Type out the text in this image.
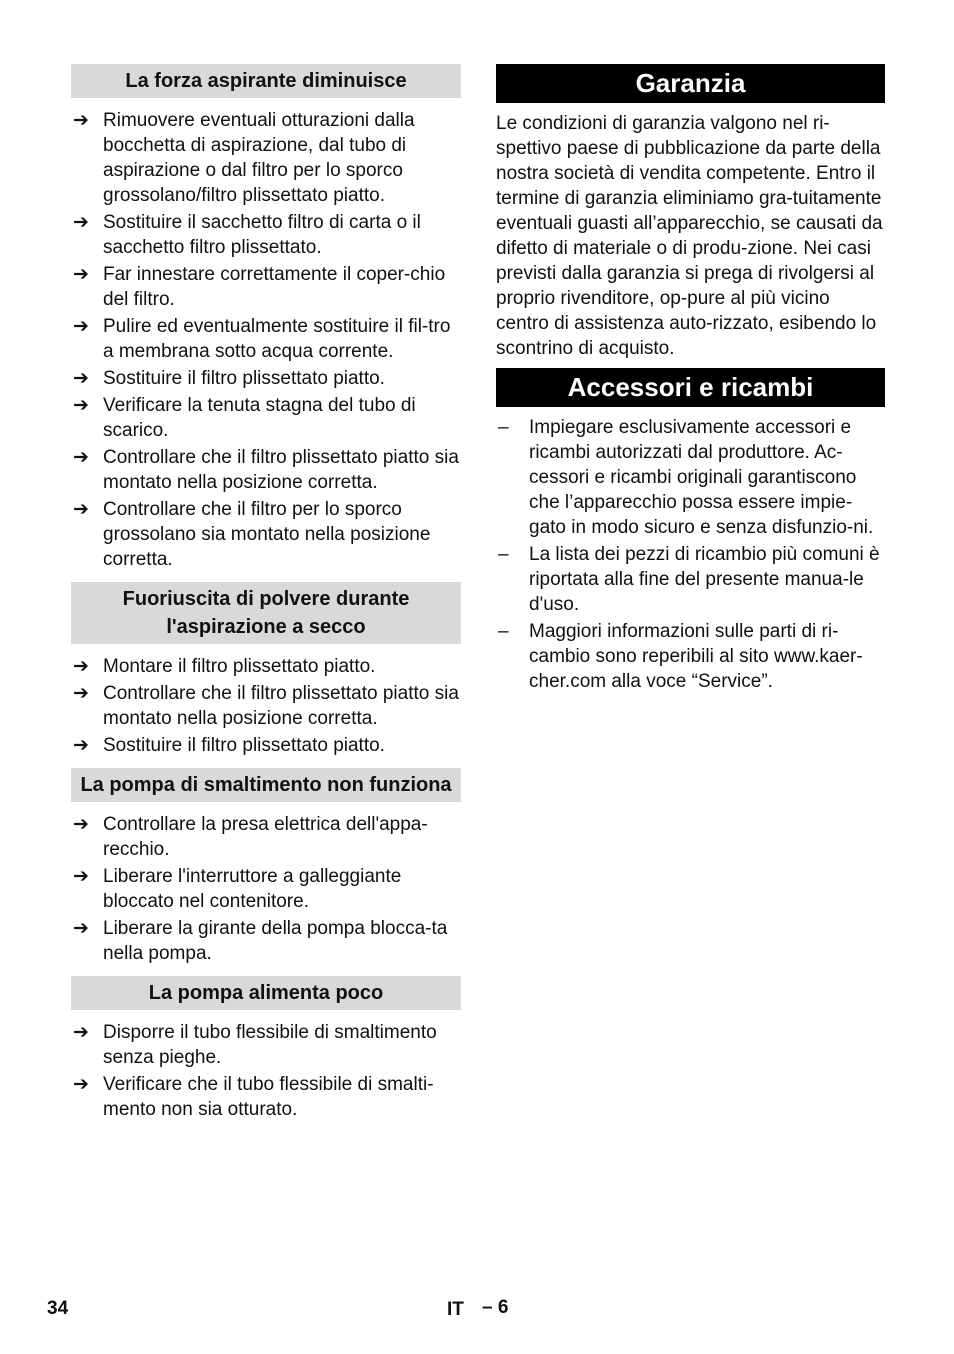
La forza aspirante diminuisce
➔ Rimuovere eventuali otturazioni dalla bocchetta di aspirazione, dal tubo di aspirazione o dal filtro per lo sporco grossolano/filtro plissettato piatto.
➔ Sostituire il sacchetto filtro di carta o il sacchetto filtro plissettato.
➔ Far innestare correttamente il coper-chio del filtro.
➔ Pulire ed eventualmente sostituire il fil-tro a membrana sotto acqua corrente.
➔ Sostituire il filtro plissettato piatto.
➔ Verificare la tenuta stagna del tubo di scarico.
➔ Controllare che il filtro plissettato piatto sia montato nella posizione corretta.
➔ Controllare che il filtro per lo sporco grossolano sia montato nella posizione corretta.
Fuoriuscita di polvere durante l'aspirazione a secco
➔ Montare il filtro plissettato piatto.
➔ Controllare che il filtro plissettato piatto sia montato nella posizione corretta.
➔ Sostituire il filtro plissettato piatto.
La pompa di smaltimento non funziona
➔ Controllare la presa elettrica dell'appa-recchio.
➔ Liberare l'interruttore a galleggiante bloccato nel contenitore.
➔ Liberare la girante della pompa blocca-ta nella pompa.
La pompa alimenta poco
➔ Disporre il tubo flessibile di smaltimento senza pieghe.
➔ Verificare che il tubo flessibile di smalti-mento non sia otturato.
Garanzia

Le condizioni di garanzia valgono nel ri-spettivo paese di pubblicazione da parte della nostra società di vendita competente. Entro il termine di garanzia eliminiamo gra-tuitamente eventuali guasti all’apparecchio, se causati da difetto di materiale o di produ-zione. Nei casi previsti dalla garanzia si prega di rivolgersi al proprio rivenditore, op-pure al più vicino centro di assistenza auto-rizzato, esibendo lo scontrino di acquisto.

Accessori e ricambi
– Impiegare esclusivamente accessori e ricambi autorizzati dal produttore. Ac-cessori e ricambi originali garantiscono che l’apparecchio possa essere impie-gato in modo sicuro e senza disfunzio-ni.
– La lista dei pezzi di ricambio più comuni è riportata alla fine del presente manua-le d'uso.
– Maggiori informazioni sulle parti di ri-cambio sono reperibili al sito www.kaer-cher.com alla voce “Service”.
34	IT – 6
